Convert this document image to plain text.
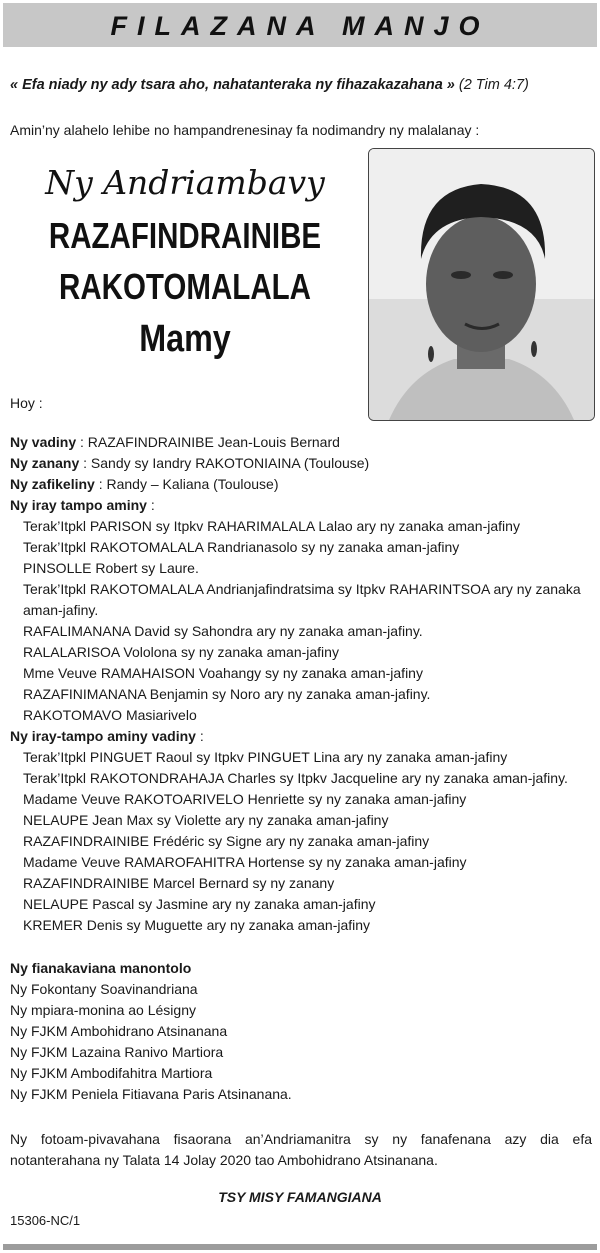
FILAZANA MANJO
« Efa niady ny ady tsara aho, nahatanteraka ny fihazakazahana » (2 Tim 4:7)
Amin’ny alahelo lehibe no hampandrenesinay fa nodimandry ny malalanay :
Ny Andriambavy
RAZAFINDRAINIBE
RAKOTOMALALA
Mamy
Hoy :
Ny vadiny : RAZAFINDRAINIBE Jean-Louis Bernard
Ny zanany : Sandy sy Iandry RAKOTONIAINA (Toulouse)
Ny zafikeliny : Randy – Kaliana (Toulouse)
Ny iray tampo aminy :
Terak’Itpkl PARISON sy Itpkv RAHARIMALALA Lalao ary ny zanaka aman-jafiny
Terak’Itpkl RAKOTOMALALA Randrianasolo sy ny zanaka aman-jafiny
PINSOLLE Robert sy Laure.
Terak’Itpkl RAKOTOMALALA Andrianjafindratsima sy Itpkv RAHARINTSOA ary ny zanaka
aman-jafiny.
RAFALIMANANA David sy Sahondra ary ny zanaka aman-jafiny.
RALALARISOA Vololona sy ny zanaka aman-jafiny
Mme Veuve RAMAHAISON Voahangy sy ny zanaka aman-jafiny
RAZAFINIMANANA Benjamin sy Noro ary ny zanaka aman-jafiny.
RAKOTOMAVO Masiarivelo
Ny iray-tampo aminy vadiny :
Terak’Itpkl PINGUET Raoul sy Itpkv PINGUET Lina ary ny zanaka aman-jafiny
Terak’Itpkl RAKOTONDRAHAJA Charles sy Itpkv Jacqueline ary ny zanaka aman-jafiny.
Madame Veuve RAKOTOARIVELO Henriette sy ny zanaka aman-jafiny
NELAUPE Jean Max sy Violette ary ny zanaka aman-jafiny
RAZAFINDRAINIBE Frédéric sy Signe ary ny zanaka aman-jafiny
Madame Veuve RAMAROFAHITRA Hortense sy ny zanaka aman-jafiny
RAZAFINDRAINIBE Marcel Bernard sy ny zanany
NELAUPE Pascal sy Jasmine ary ny zanaka aman-jafiny
KREMER Denis sy Muguette ary ny zanaka aman-jafiny
Ny fianakaviana manontolo
Ny Fokontany Soavinandriana
Ny mpiara-monina ao Lésigny
Ny FJKM Ambohidrano Atsinanana
Ny FJKM Lazaina Ranivo Martiora
Ny FJKM Ambodifahitra Martiora
Ny FJKM Peniela Fitiavana Paris Atsinanana.
Ny fotoam-pivavahana fisaorana an’Andriamanitra sy ny fanafenana azy dia efa notanterahana ny Talata 14 Jolay 2020 tao Ambohidrano Atsinanana.
TSY MISY FAMANGIANA
15306-NC/1
